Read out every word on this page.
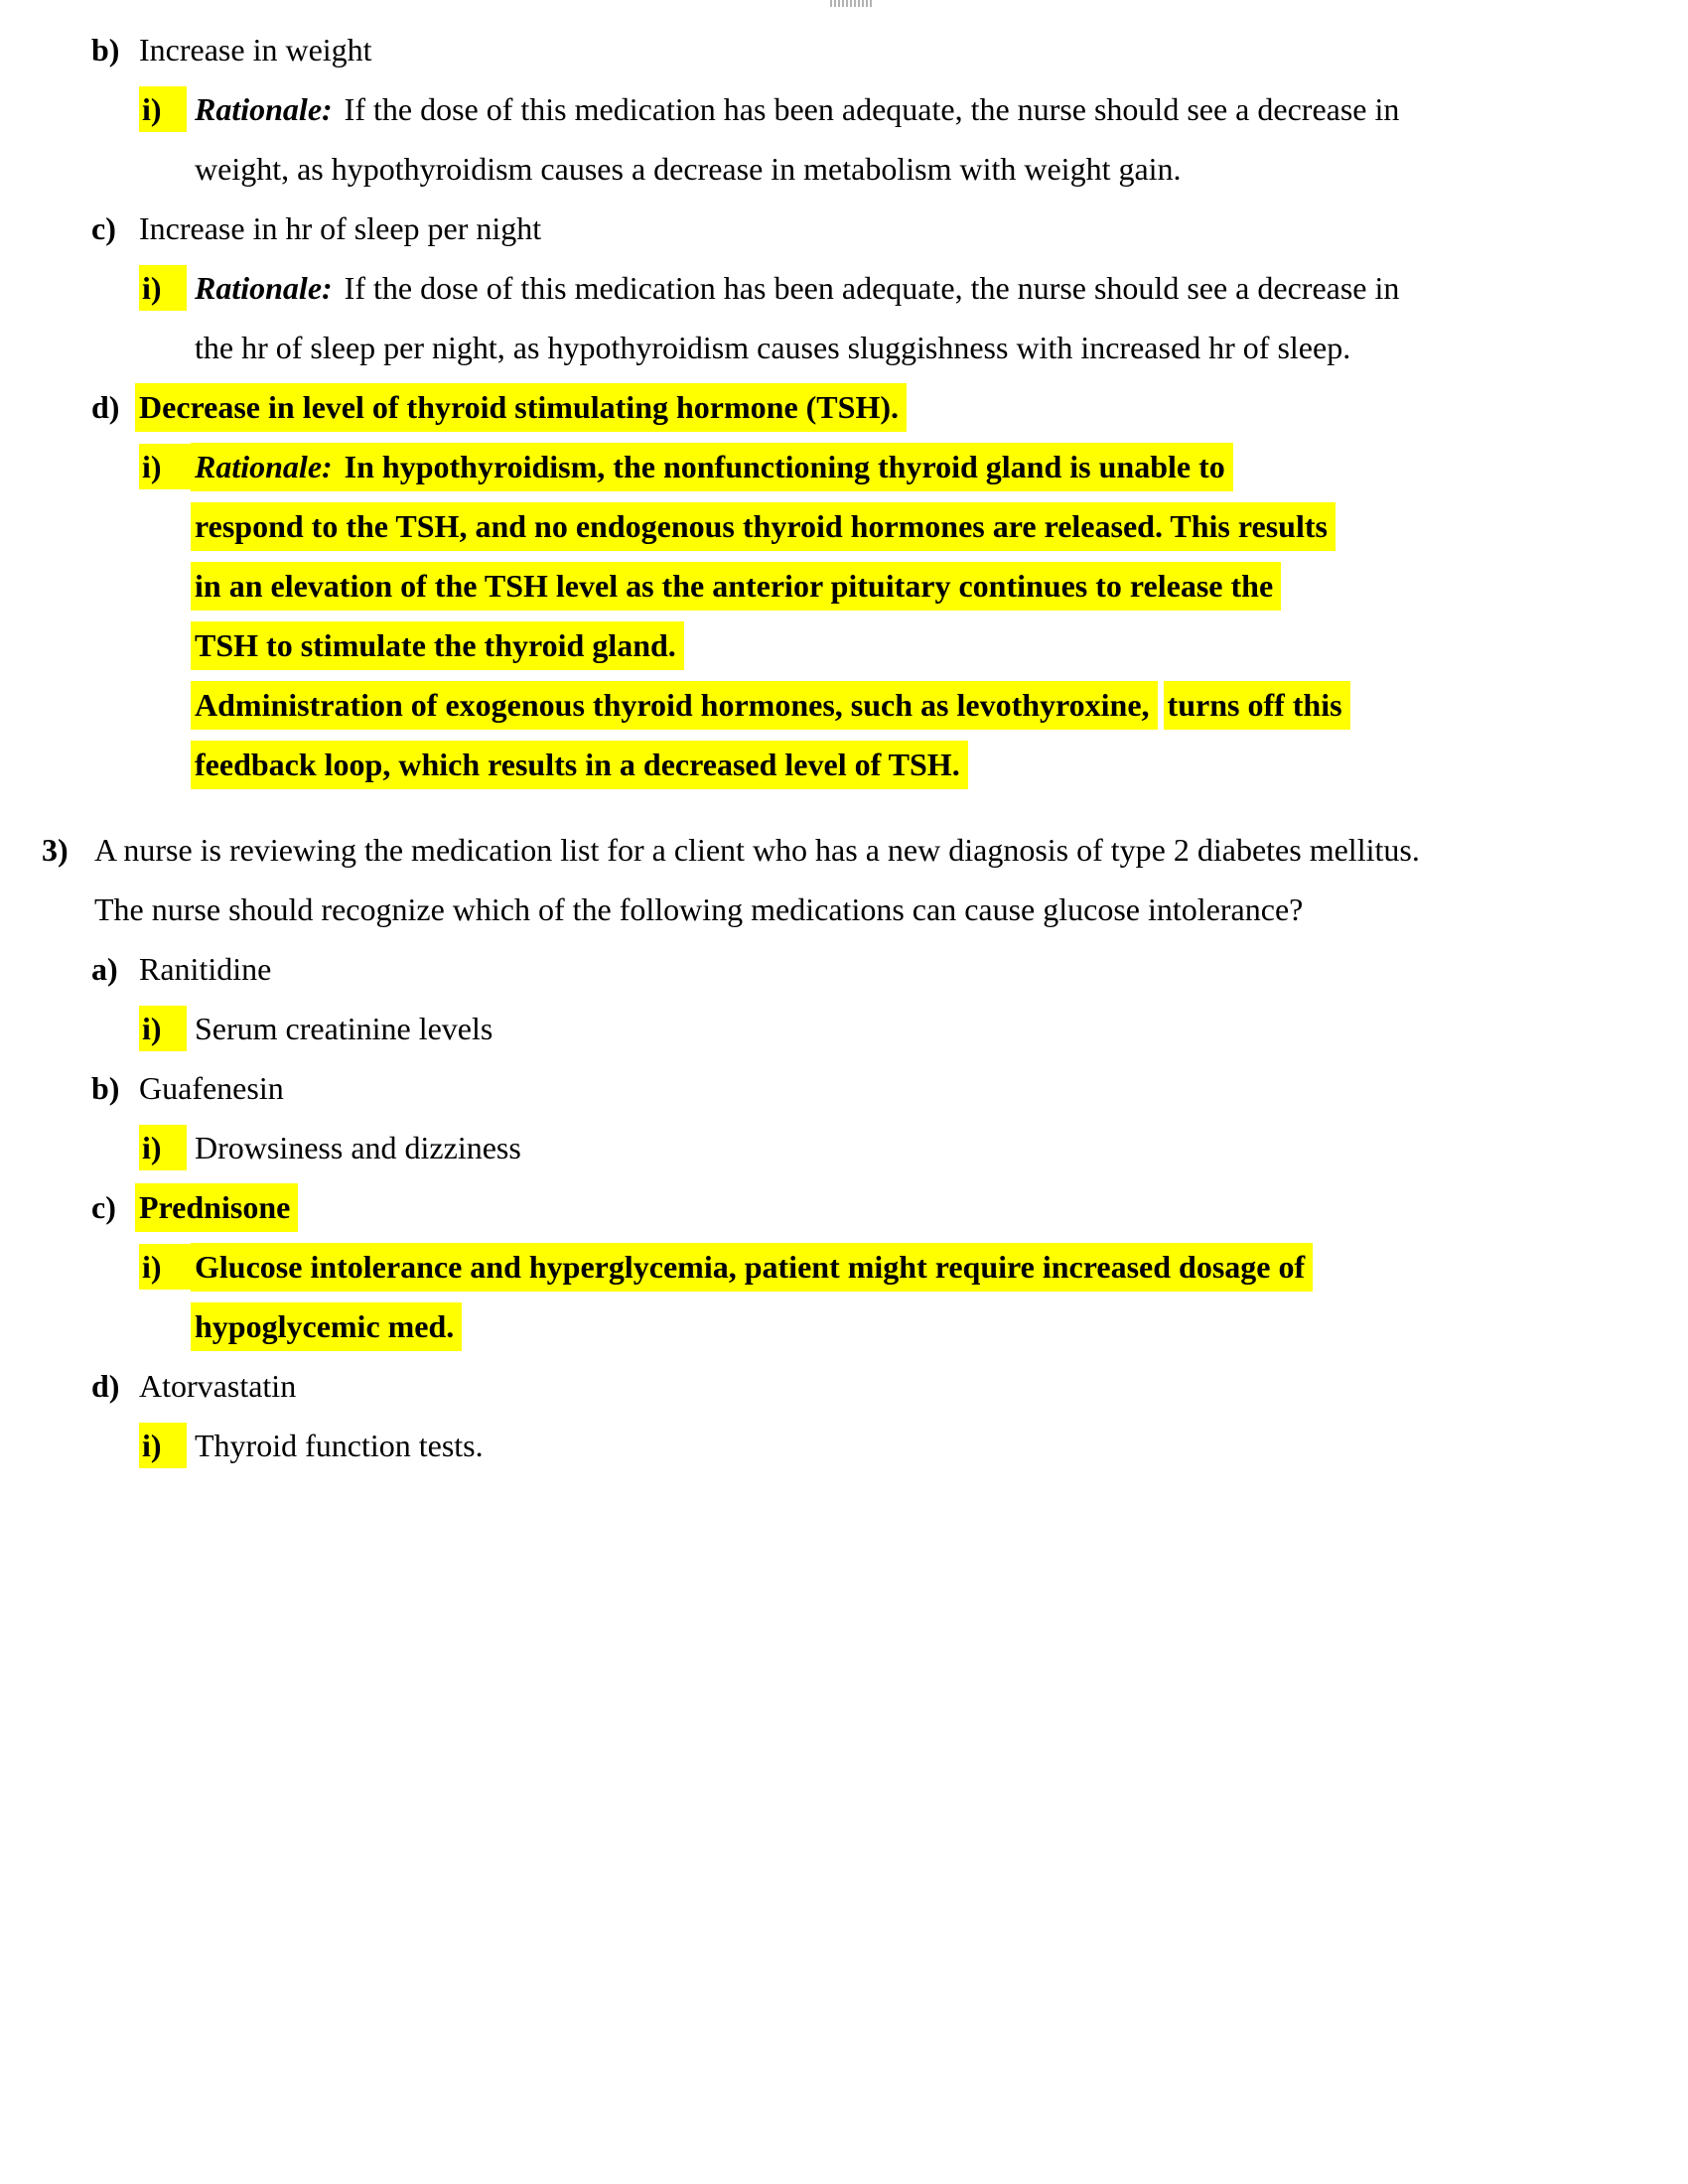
b) Increase in weight
i)	Rationale: If the dose of this medication has been adequate, the nurse should see a decrease in
weight, as hypothyroidism causes a decrease in metabolism with weight gain.
c) Increase in hr of sleep per night
i)	Rationale: If the dose of this medication has been adequate, the nurse should see a decrease in
the hr of sleep per night, as hypothyroidism causes sluggishness with increased hr of sleep.
d) Decrease in level of thyroid stimulating hormone (TSH).
i)	Rationale: In hypothyroidism, the nonfunctioning thyroid gland is unable to
respond to the TSH, and no endogenous thyroid hormones are released. This results
in an elevation of the TSH level as the anterior pituitary continues to release the
TSH to stimulate the thyroid gland.
Administration of exogenous thyroid hormones, such as levothyroxine, turns off this
feedback loop, which results in a decreased level of TSH.
3) A nurse is reviewing the medication list for a client who has a new diagnosis of type 2 diabetes mellitus.
The nurse should recognize which of the following medications can cause glucose intolerance?
a) Ranitidine
i)	Serum creatinine levels
b) Guafenesin
i)	Drowsiness and dizziness
c) Prednisone
i)	Glucose intolerance and hyperglycemia, patient might require increased dosage of
hypoglycemic med.
d) Atorvastatin
i)	Thyroid function tests.
